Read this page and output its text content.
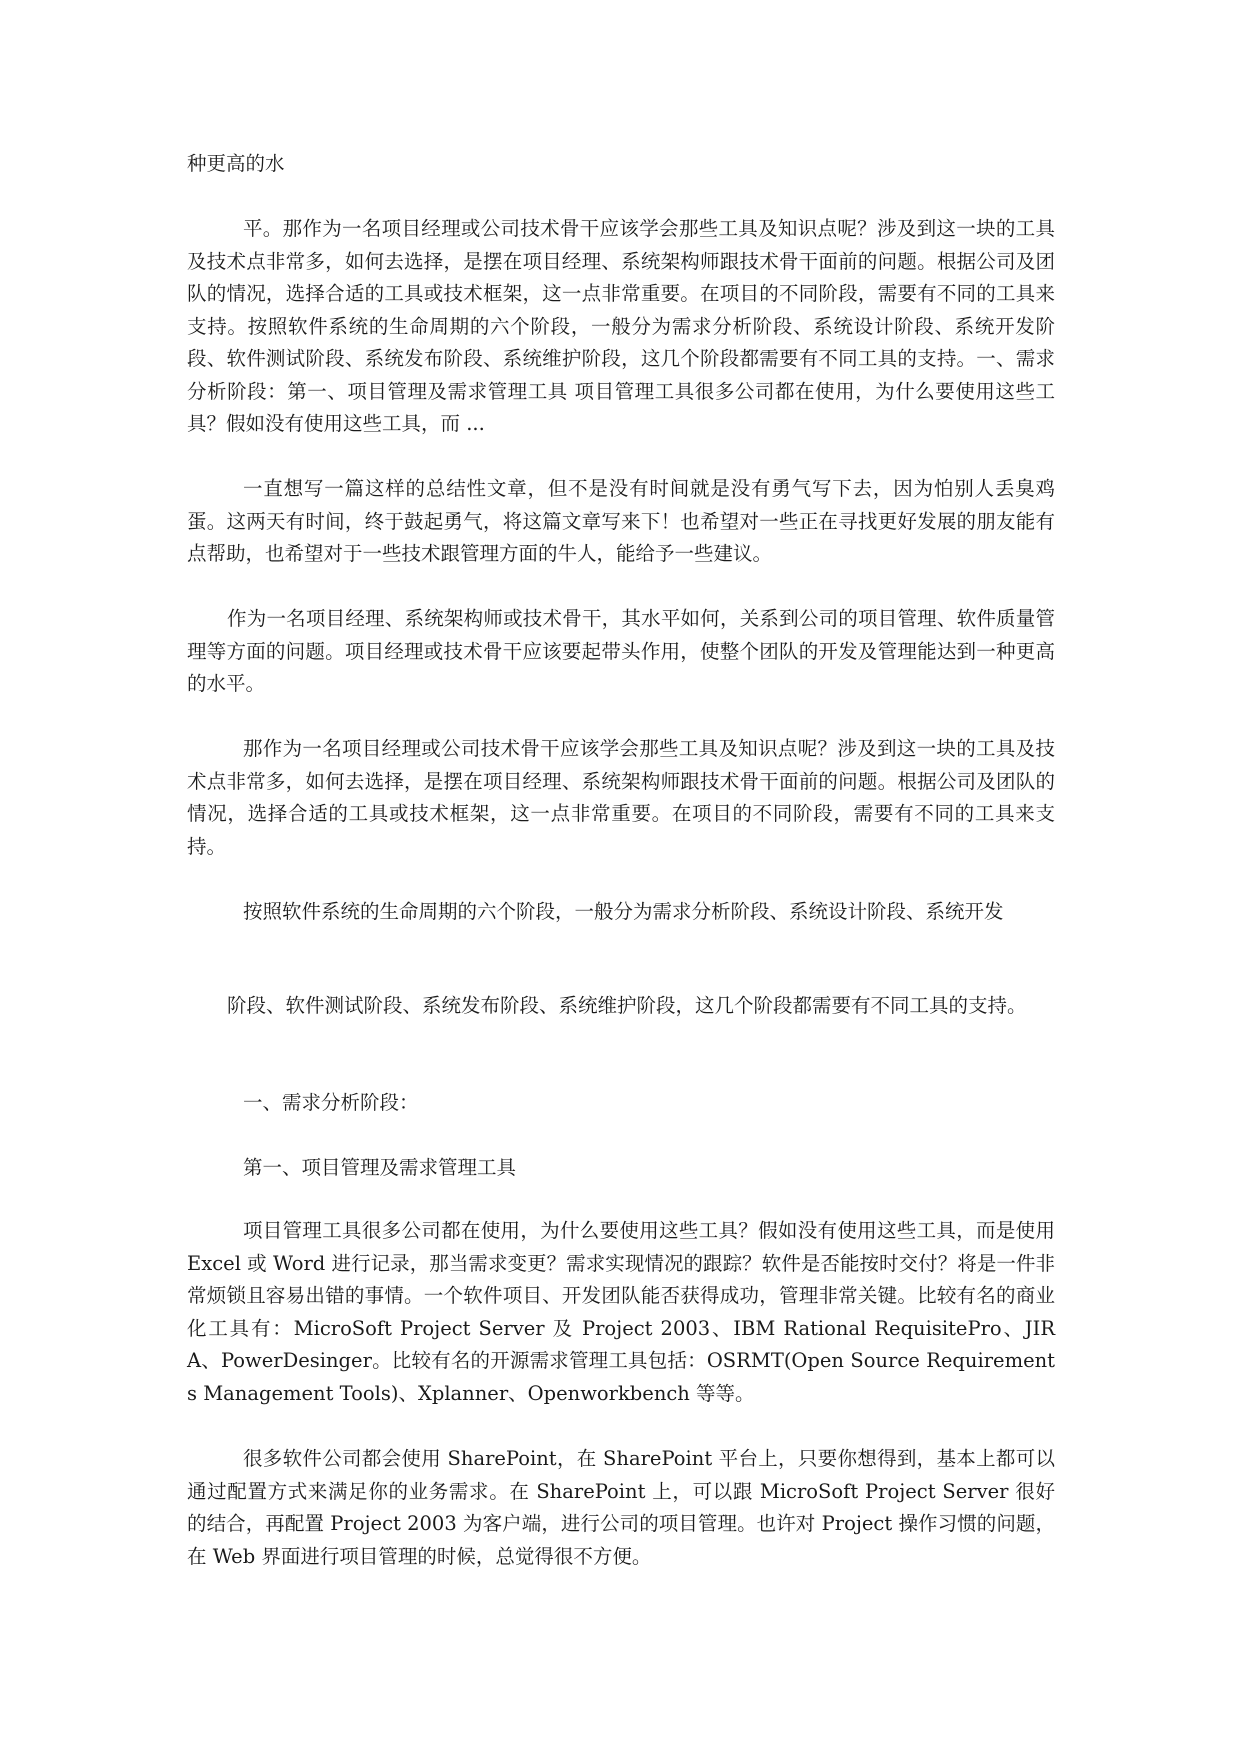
种更高的水

平。那作为一名项目经理或公司技术骨干应该学会那些工具及知识点呢？涉及到这一块的工具及技术点非常多，如何去选择，是摆在项目经理、系统架构师跟技术骨干面前的问题。根据公司及团队的情况，选择合适的工具或技术框架，这一点非常重要。在项目的不同阶段，需要有不同的工具来支持。按照软件系统的生命周期的六个阶段，一般分为需求分析阶段、系统设计阶段、系统开发阶段、软件测试阶段、系统发布阶段、系统维护阶段，这几个阶段都需要有不同工具的支持。一、需求分析阶段：第一、项目管理及需求管理工具 项目管理工具很多公司都在使用，为什么要使用这些工具？假如没有使用这些工具，而 ...

一直想写一篇这样的总结性文章，但不是没有时间就是没有勇气写下去，因为怕别人丢臭鸡蛋。这两天有时间，终于鼓起勇气，将这篇文章写来下！也希望对一些正在寻找更好发展的朋友能有点帮助，也希望对于一些技术跟管理方面的牛人，能给予一些建议。

作为一名项目经理、系统架构师或技术骨干，其水平如何，关系到公司的项目管理、软件质量管理等方面的问题。项目经理或技术骨干应该要起带头作用，使整个团队的开发及管理能达到一种更高的水平。

那作为一名项目经理或公司技术骨干应该学会那些工具及知识点呢？涉及到这一块的工具及技术点非常多，如何去选择，是摆在项目经理、系统架构师跟技术骨干面前的问题。根据公司及团队的情况，选择合适的工具或技术框架，这一点非常重要。在项目的不同阶段，需要有不同的工具来支持。

按照软件系统的生命周期的六个阶段，一般分为需求分析阶段、系统设计阶段、系统开发

阶段、软件测试阶段、系统发布阶段、系统维护阶段，这几个阶段都需要有不同工具的支持。

一、需求分析阶段：

第一、项目管理及需求管理工具

项目管理工具很多公司都在使用，为什么要使用这些工具？假如没有使用这些工具，而是使用 Excel 或 Word 进行记录，那当需求变更？需求实现情况的跟踪？软件是否能按时交付？将是一件非常烦锁且容易出错的事情。一个软件项目、开发团队能否获得成功，管理非常关键。比较有名的商业化工具有：MicroSoft Project Server 及 Project 2003、IBM Rational RequisitePro、JIRA、PowerDesinger。比较有名的开源需求管理工具包括：OSRMT(Open Source Requirements Management Tools)、Xplanner、Openworkbench 等等。

很多软件公司都会使用 SharePoint，在 SharePoint 平台上，只要你想得到，基本上都可以通过配置方式来满足你的业务需求。在 SharePoint 上，可以跟 MicroSoft Project Server 很好的结合，再配置 Project 2003 为客户端，进行公司的项目管理。也许对 Project 操作习惯的问题，在 Web 界面进行项目管理的时候，总觉得很不方便。
